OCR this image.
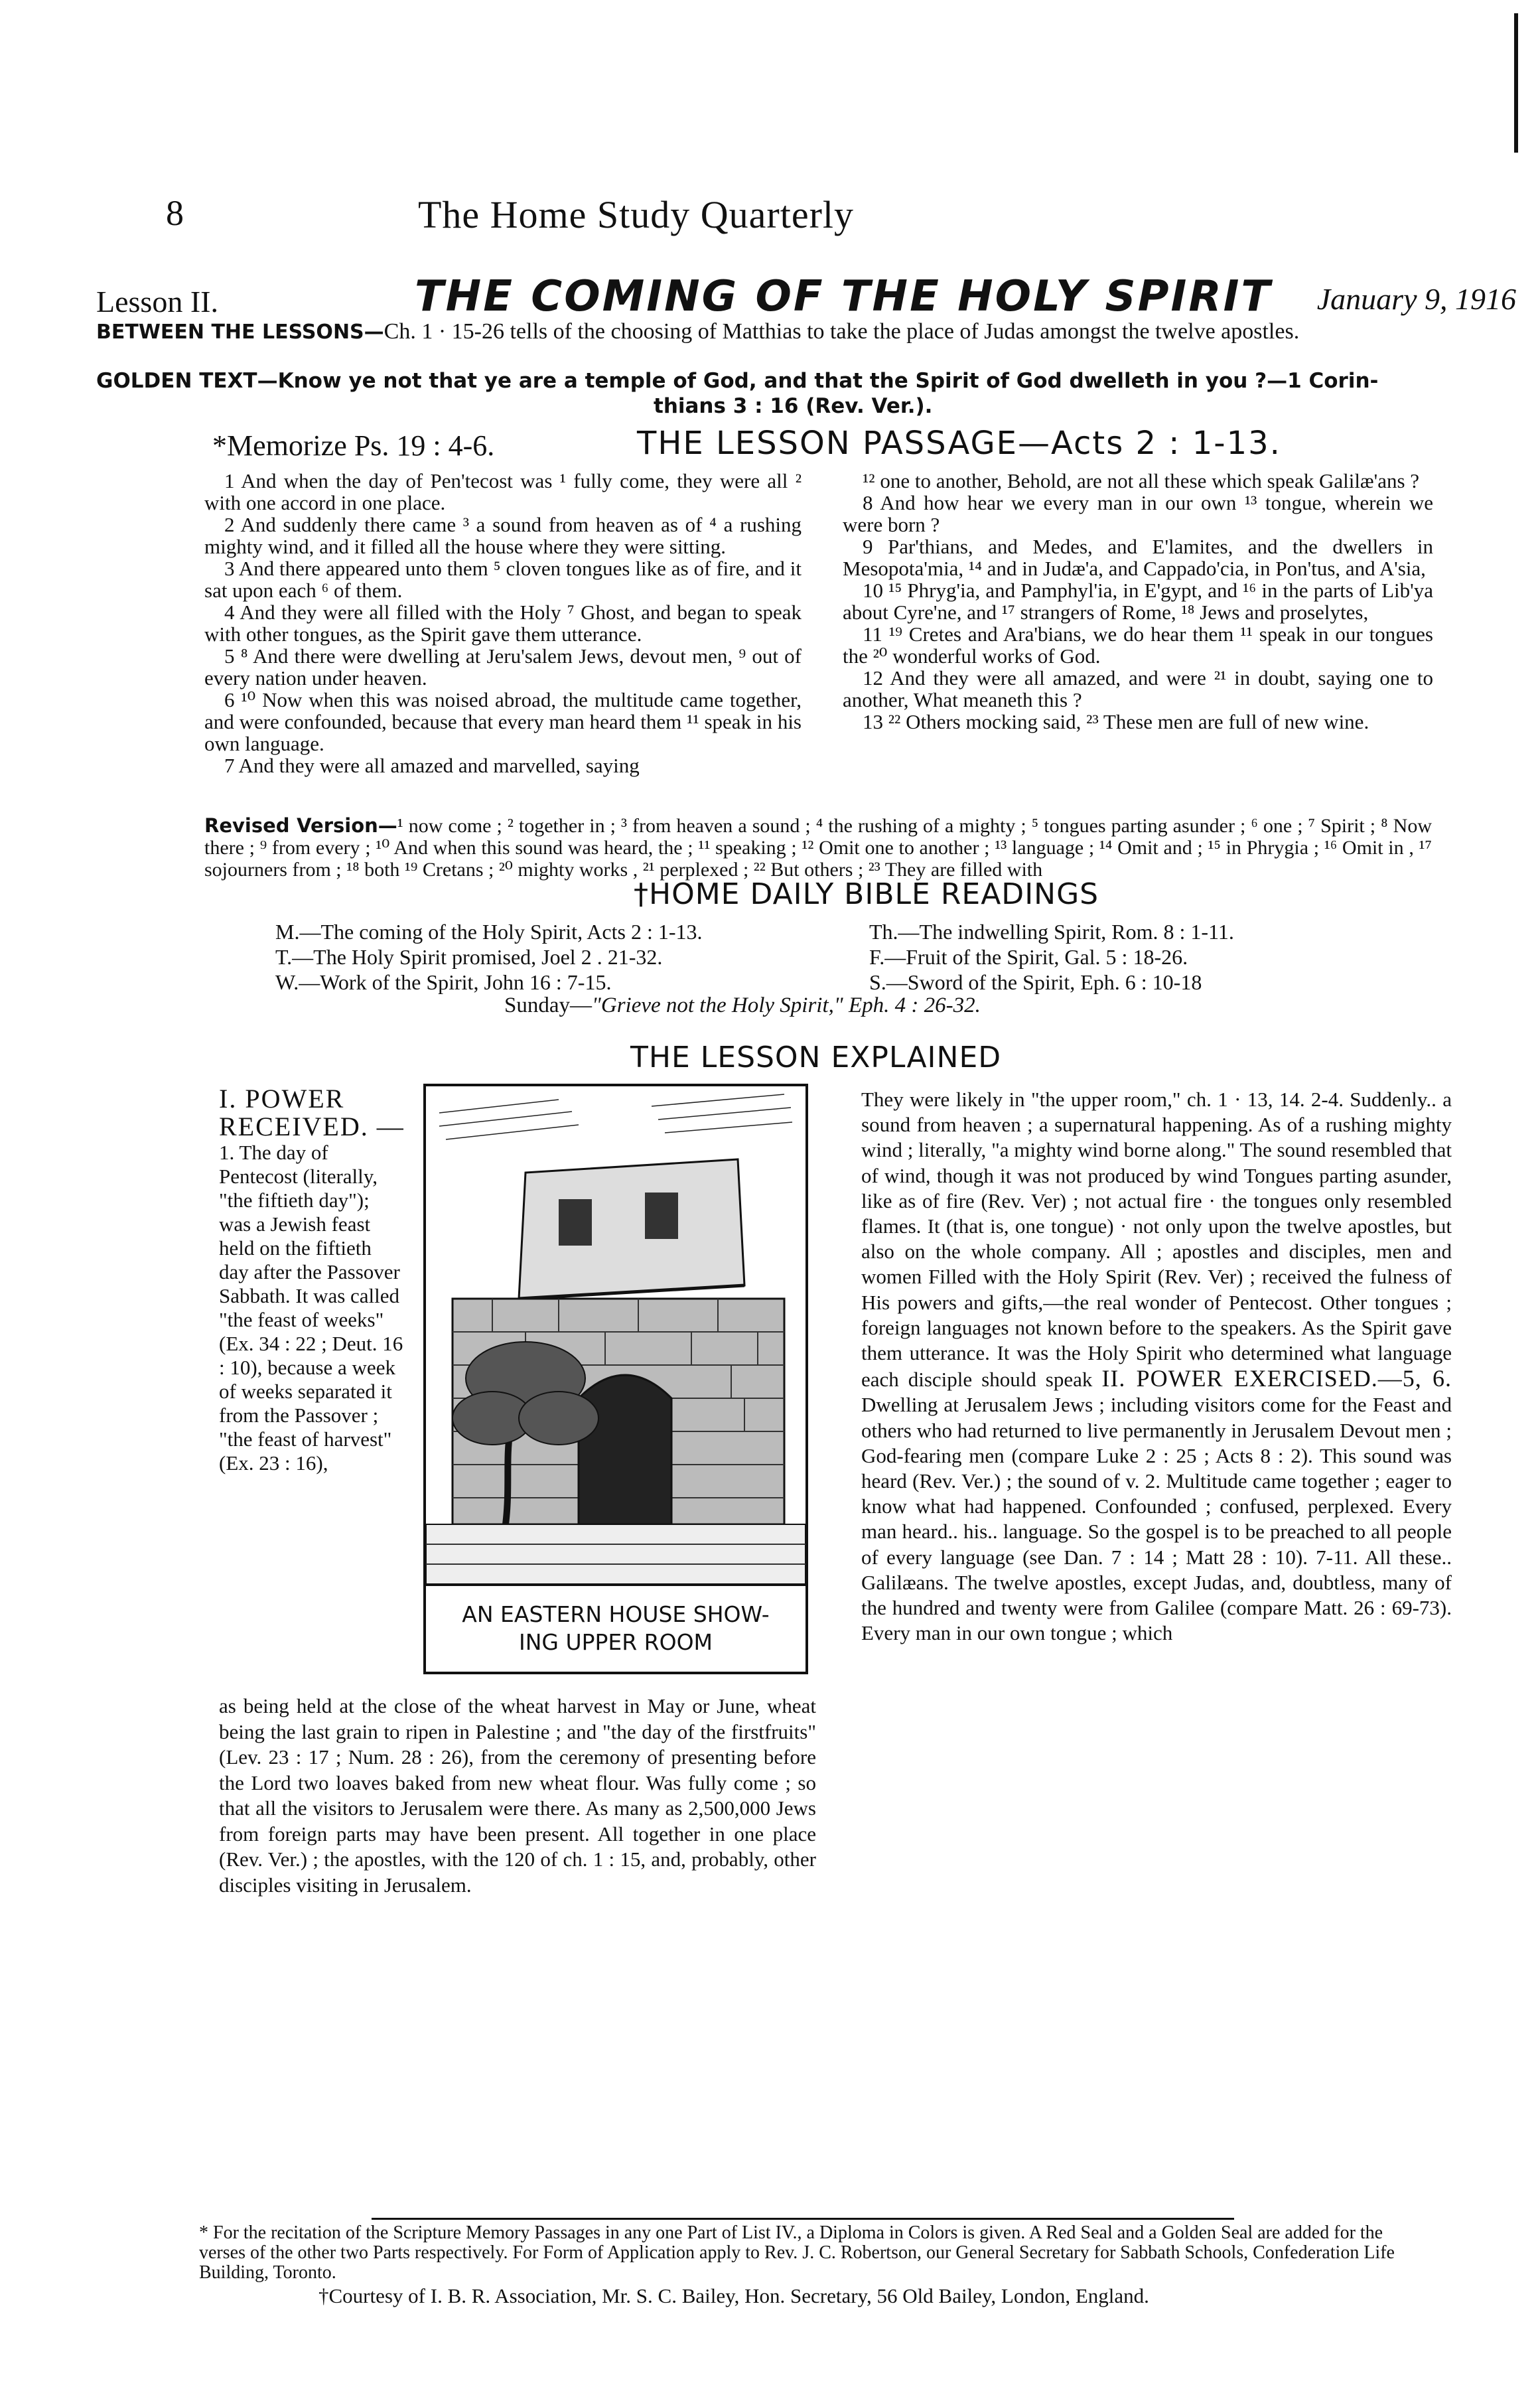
8	The Home Study Quarterly
Lesson II.	THE COMING OF THE HOLY SPIRIT January 9, 1916
BETWEEN THE LESSONS—Ch. 1 · 15-26 tells of the choosing of Matthias to take the place of Judas amongst the twelve apostles.
GOLDEN TEXT—Know ye not that ye are a temple of God, and that the Spirit of God dwelleth in you ?—1 Corin-
thians 3 : 16 (Rev. Ver.).
*Memorize Ps. 19 : 4-6.	THE LESSON PASSAGE—Acts 2 : 1-13.

1 And when the day of Pen'tecost was ¹ fully come, they were all ² with one accord in one place.

2 And suddenly there came ³ a sound from heaven as of ⁴ a rushing mighty wind, and it filled all the house where they were sitting.

3 And there appeared unto them ⁵ cloven tongues like as of fire, and it sat upon each ⁶ of them.

4 And they were all filled with the Holy ⁷ Ghost, and began to speak with other tongues, as the Spirit gave them utterance.

5 ⁸ And there were dwelling at Jeru'salem Jews, devout men, ⁹ out of every nation under heaven.

6 ¹⁰ Now when this was noised abroad, the multitude came together, and were confounded, because that every man heard them ¹¹ speak in his own language.

7 And they were all amazed and marvelled, saying

¹² one to another, Behold, are not all these which speak Galilæ'ans ?

8 And how hear we every man in our own ¹³ tongue, wherein we were born ?

9 Par'thians, and Medes, and E'lamites, and the dwellers in Mesopota'mia, ¹⁴ and in Judæ'a, and Cappado'cia, in Pon'tus, and A'sia,

10 ¹⁵ Phryg'ia, and Pamphyl'ia, in E'gypt, and ¹⁶ in the parts of Lib'ya about Cyre'ne, and ¹⁷ strangers of Rome, ¹⁸ Jews and proselytes,

11 ¹⁹ Cretes and Ara'bians, we do hear them ¹¹ speak in our tongues the ²⁰ wonderful works of God.

12 And they were all amazed, and were ²¹ in doubt, saying one to another, What meaneth this ?

13 ²² Others mocking said, ²³ These men are full of new wine.

Revised Version—¹ now come ; ² together in ; ³ from heaven a sound ; ⁴ the rushing of a mighty ; ⁵ tongues parting asunder ; ⁶ one ; ⁷ Spirit ; ⁸ Now there ; ⁹ from every ; ¹⁰ And when this sound was heard, the ; ¹¹ speaking ; ¹² Omit one to another ; ¹³ language ; ¹⁴ Omit and ; ¹⁵ in Phrygia ; ¹⁶ Omit in , ¹⁷ sojourners from ; ¹⁸ both ¹⁹ Cretans ; ²⁰ mighty works , ²¹ perplexed ; ²² But others ; ²³ They are filled with
†HOME DAILY BIBLE READINGS
M.—The coming of the Holy Spirit, Acts 2 : 1-13.	Th.—The indwelling Spirit, Rom. 8 : 1-11.
T.—The Holy Spirit promised, Joel 2 . 21-32.	F.—Fruit of the Spirit, Gal. 5 : 18-26.
W.—Work of the Spirit, John 16 : 7-15.	S.—Sword of the Spirit, Eph. 6 : 10-18
Sunday—"Grieve not the Holy Spirit," Eph. 4 : 26-32.
THE LESSON EXPLAINED
I. POWER RECEIVED. —
1. The day of Pentecost (literally, "the fiftieth day"); was a Jewish feast held on the fiftieth day after the Passover Sabbath. It was called "the feast of weeks" (Ex. 34 : 22 ; Deut. 16 : 10), because a week of weeks separated it from the Passover ; "the feast of harvest" (Ex. 23 : 16),
AN EASTERN HOUSE SHOW-
ING UPPER ROOM
as being held at the close of the wheat harvest in May or June, wheat being the last grain to ripen in Palestine ; and "the day of the firstfruits" (Lev. 23 : 17 ; Num. 28 : 26), from the ceremony of presenting before the Lord two loaves baked from new wheat flour. Was fully come ; so that all the visitors to Jerusalem were there. As many as 2,500,000 Jews from foreign parts may have been present. All together in one place (Rev. Ver.) ; the apostles, with the 120 of ch. 1 : 15, and, probably, other disciples visiting in Jerusalem.
They were likely in "the upper room," ch. 1 · 13, 14. 2-4. Suddenly.. a sound from heaven ; a supernatural happening. As of a rushing mighty wind ; literally, "a mighty wind borne along." The sound resembled that of wind, though it was not produced by wind Tongues parting asunder, like as of fire (Rev. Ver) ; not actual fire · the tongues only resembled flames. It (that is, one tongue) · not only upon the twelve apostles, but also on the whole company. All ; apostles and disciples, men and women Filled with the Holy Spirit (Rev. Ver) ; received the fulness of His powers and gifts,—the real wonder of Pentecost. Other tongues ; foreign languages not known before to the speakers. As the Spirit gave them utterance. It was the Holy Spirit who determined what language each disciple should speak II. POWER EXERCISED.—5, 6. Dwelling at Jerusalem Jews ; including visitors come for the Feast and others who had returned to live permanently in Jerusalem Devout men ; God-fearing men (compare Luke 2 : 25 ; Acts 8 : 2). This sound was heard (Rev. Ver.) ; the sound of v. 2. Multitude came together ; eager to know what had happened. Confounded ; confused, perplexed. Every man heard.. his.. language. So the gospel is to be preached to all people of every language (see Dan. 7 : 14 ; Matt 28 : 10). 7-11. All these.. Galilæans. The twelve apostles, except Judas, and, doubtless, many of the hundred and twenty were from Galilee (compare Matt. 26 : 69-73). Every man in our own tongue ; which

* For the recitation of the Scripture Memory Passages in any one Part of List IV., a Diploma in Colors is given. A Red Seal and a Golden Seal are added for the verses of the other two Parts respectively. For Form of Application apply to Rev. J. C. Robertson, our General Secretary for Sabbath Schools, Confederation Life Building, Toronto.

†Courtesy of I. B. R. Association, Mr. S. C. Bailey, Hon. Secretary, 56 Old Bailey, London, England.
